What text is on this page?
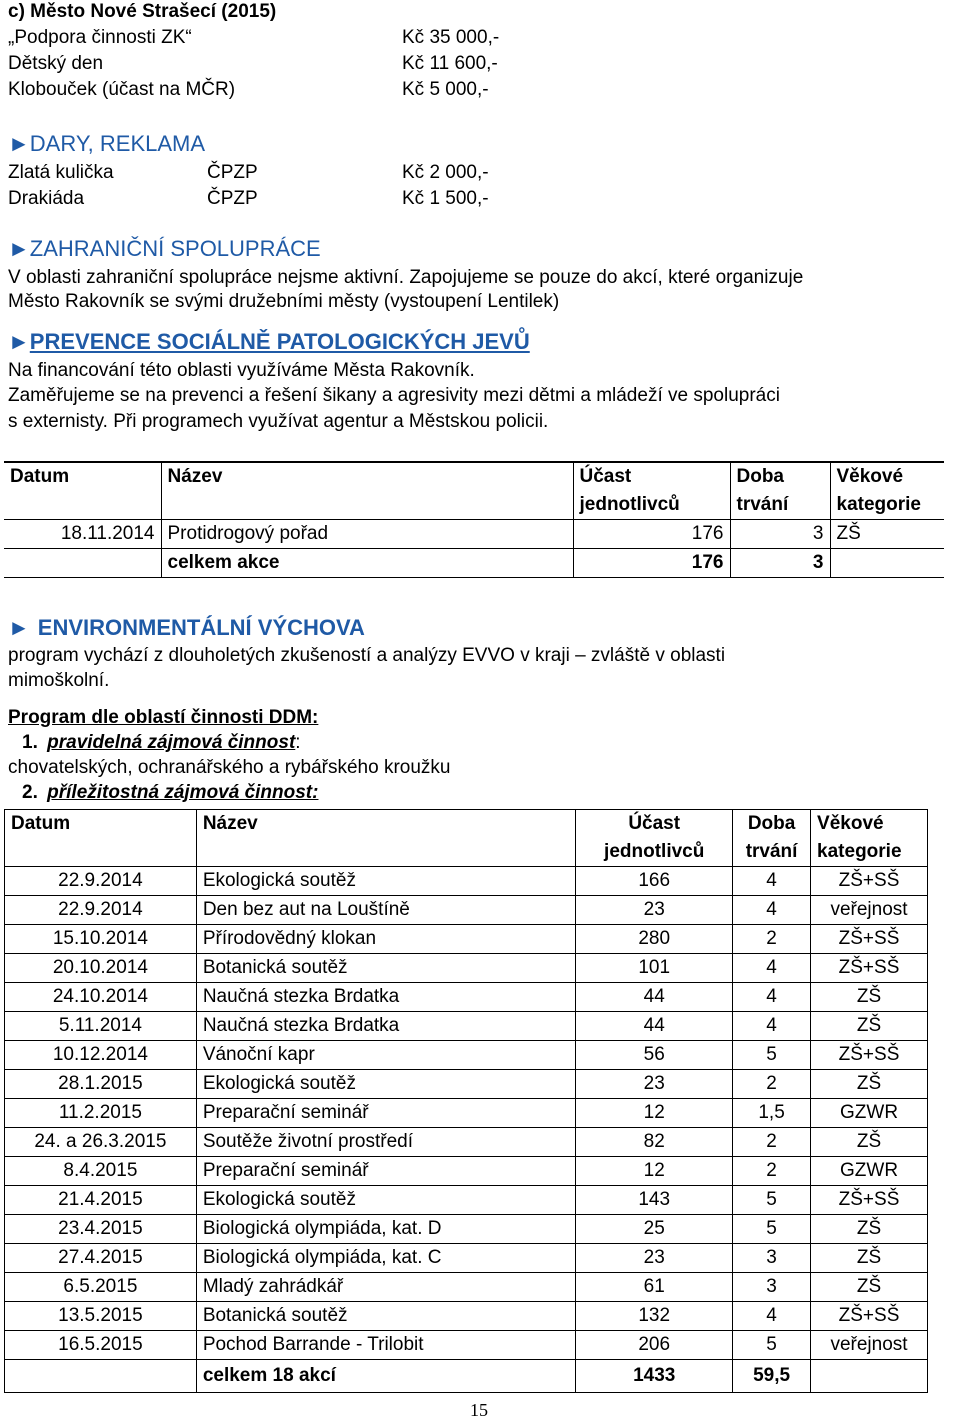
c) Město Nové Strašecí (2015)
„Podpora činnosti ZK“	Kč 35 000,-
Dětský den	Kč 11 600,-
Klobouček (účast na MČR)	Kč 5 000,-
►DARY, REKLAMA
Zlatá kulička	ČPZP	Kč 2 000,-
Drakiáda	ČPZP	Kč 1 500,-
►ZAHRANIČNÍ SPOLUPRÁCE
V oblasti zahraniční spolupráce nejsme aktivní. Zapojujeme se pouze do akcí, které organizuje
Město Rakovník se svými družebními městy (vystoupení Lentilek)
►PREVENCE SOCIÁLNĚ PATOLOGICKÝCH JEVŮ
Na financování této oblasti využíváme Města Rakovník.
Zaměřujeme se na prevenci a řešení šikany a agresivity mezi dětmi a mládeží ve spolupráci
s externisty. Při programech využívat agentur a Městskou policii.
Datum	Název	Účast	Doba	Věkové
		jednotlivců	trvání	kategorie
18.11.2014	Protidrogový pořad	176	3	ZŠ
	celkem akce	176	3	
► ENVIRONMENTÁLNÍ VÝCHOVA
program vychází z dlouholetých zkušeností a analýzy EVVO v kraji – zvláště v oblasti
mimoškolní.
Program dle oblastí činnosti DDM:
1. pravidelná zájmová činnost:
chovatelských, ochranářského a rybářského kroužku
2. příležitostná zájmová činnost:
Datum	Název	Účast	Doba	Věkové
		jednotlivců	trvání	kategorie
22.9.2014	Ekologická soutěž	166	4	ZŠ+SŠ
22.9.2014	Den bez aut na Louštíně	23	4	veřejnost
15.10.2014	Přírodovědný klokan	280	2	ZŠ+SŠ
20.10.2014	Botanická soutěž	101	4	ZŠ+SŠ
24.10.2014	Naučná stezka Brdatka	44	4	ZŠ
5.11.2014	Naučná stezka Brdatka	44	4	ZŠ
10.12.2014	Vánoční kapr	56	5	ZŠ+SŠ
28.1.2015	Ekologická soutěž	23	2	ZŠ
11.2.2015	Preparační seminář	12	1,5	GZWR
24. a 26.3.2015	Soutěže životní prostředí	82	2	ZŠ
8.4.2015	Preparační seminář	12	2	GZWR
21.4.2015	Ekologická soutěž	143	5	ZŠ+SŠ
23.4.2015	Biologická olympiáda, kat. D	25	5	ZŠ
27.4.2015	Biologická olympiáda, kat. C	23	3	ZŠ
6.5.2015	Mladý zahrádkář	61	3	ZŠ
13.5.2015	Botanická soutěž	132	4	ZŠ+SŠ
16.5.2015	Pochod Barrande - Trilobit	206	5	veřejnost
	celkem 18 akcí	1433	59,5	
15
